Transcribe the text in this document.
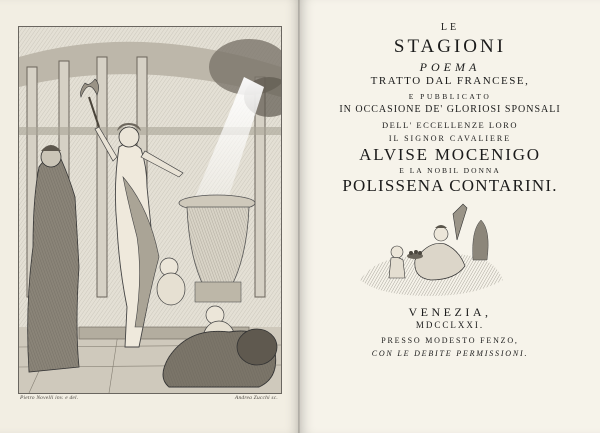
Pietro Novelli inv. e del.	Andrea Zucchi sc.
LE
STAGIONI
POEMA
TRATTO DAL FRANCESE,
E PUBBLICATO
IN OCCASIONE DE' GLORIOSI SPONSALI
DELL' ECCELLENZE LORO
IL SIGNOR CAVALIERE
ALVISE MOCENIGO
E LA NOBIL DONNA
POLISSENA CONTARINI.
VENEZIA,
MDCCLXXI.
PRESSO MODESTO FENZO,
CON LE DEBITE PERMISSIONI.
